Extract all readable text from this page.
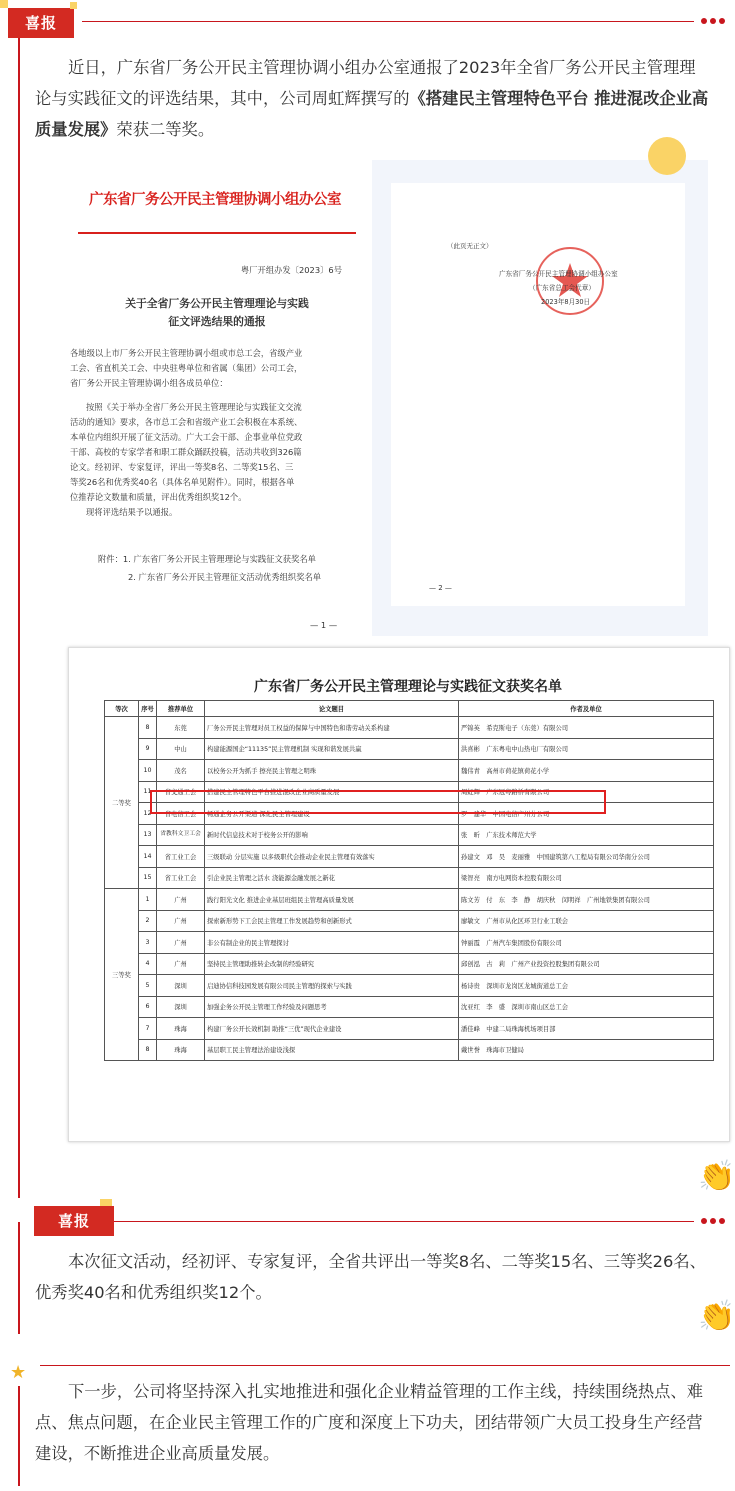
喜报

近日，广东省厂务公开民主管理协调小组办公室通报了2023年全省厂务公开民主管理理论与实践征文的评选结果，其中，公司周虹辉撰写的《搭建民主管理特色平台 推进混改企业高质量发展》荣获二等奖。

广东省厂务公开民主管理协调小组办公室
粤厂开组办发〔2023〕6号
关于全省厂务公开民主管理理论与实践
征文评选结果的通报
各地级以上市厂务公开民主管理协调小组或市总工会，省级产业
工会、省直机关工会、中央驻粤单位和省属（集团）公司工会，
省厂务公开民主管理协调小组各成员单位：
按照《关于举办全省厂务公开民主管理理论与实践征文交流
活动的通知》要求，各市总工会和省级产业工会积极在本系统、
本单位内组织开展了征文活动。广大工会干部、企事业单位党政
干部、高校的专家学者和职工群众踊跃投稿，活动共收到326篇
论文。经初评、专家复评，评出一等奖8名、二等奖15名、三
等奖26名和优秀奖40名（具体名单见附件）。同时，根据各单
位推荐论文数量和质量，评出优秀组织奖12个。
现将评选结果予以通报。
附件：1. 广东省厂务公开民主管理理论与实践征文获奖名单
2. 广东省厂务公开民主管理征文活动优秀组织奖名单
— 1 —
（此页无正文）
广东省厂务公开民主管理协调小组办公室
（广东省总工会代章）
2023年8月30日
— 2 —
广东省厂务公开民主管理理论与实践征文获奖名单
等次	序号	推荐单位	论文题目	作者及单位
二等奖	8	东莞	厂务公开民主管理对员工权益的保障与中国特色和谐劳动关系构建	严锦英　希克斯电子（东莞）有限公司
	9	中山	构建能源国企“11135”民主管理机制 实现和谐发展共赢	洪喜彬　广东粤电中山热电厂有限公司
	10	茂名	以校务公开为抓手 擦亮民主管理之明珠	魏伟青　高州市荷花镇荷花小学
	11	省交通工会	搭建民主管理特色平台推进混改企业高质量发展	周虹辉　广东冠粤路桥有限公司
	12	省电信工会	畅通企务公开渠道 深化民主管理建设	罗　建华　中国电信广州分公司
	13	省教科文卫工会	新时代信息技术对于校务公开的影响	张　昕　广东技术师范大学
	14	省工业工会	三级联动 分层实施 以多级职代会推动企业民主管理有效落实	孙建文　邓　昊　麦丽雅　中国建筑第八工程局有限公司华南分公司
	15	省工业工会	引企业民主管理之活水 浇能源金融发展之新花	梁智亮　南方电网资本控股有限公司
三等奖	1	广州	践行阳光文化 推进企业基层班组民主管理高质量发展	陈文芳　付　东　李　静　胡庆秋　闵明祥　广州地铁集团有限公司
	2	广州	探索新形势下工会民主管理工作发展趋势和创新形式	廖敏文　广州市从化区环卫行业工联会
	3	广州	非公有制企业的民主管理探讨	钟丽霞　广州汽车集团股份有限公司
	4	广州	坚持民主管理助推转企改制的经验研究	邱创泓　古　莉　广州产业投资控股集团有限公司
	5	深圳	启迪协信科技园发展有限公司民主管理的探索与实践	杨诗贵　深圳市龙岗区龙城街道总工会
	6	深圳	加强企务公开民主管理工作经验及问题思考	沈亚红　李　盛　深圳市南山区总工会
	7	珠海	构建厂务公开长效机制 助推“三优”现代企业建设	潘佳峰　中建二局珠海机场项目部
	8	珠海	基层职工民主管理法治建设浅探	戴世誉　珠海市卫健局
👏
喜报

本次征文活动，经初评、专家复评，全省共评出一等奖8名、二等奖15名、三等奖26名、优秀奖40名和优秀组织奖12个。

👏
★

下一步，公司将坚持深入扎实地推进和强化企业精益管理的工作主线，持续围绕热点、难点、焦点问题，在企业民主管理工作的广度和深度上下功夫，团结带领广大员工投身生产经营建设，不断推进企业高质量发展。
